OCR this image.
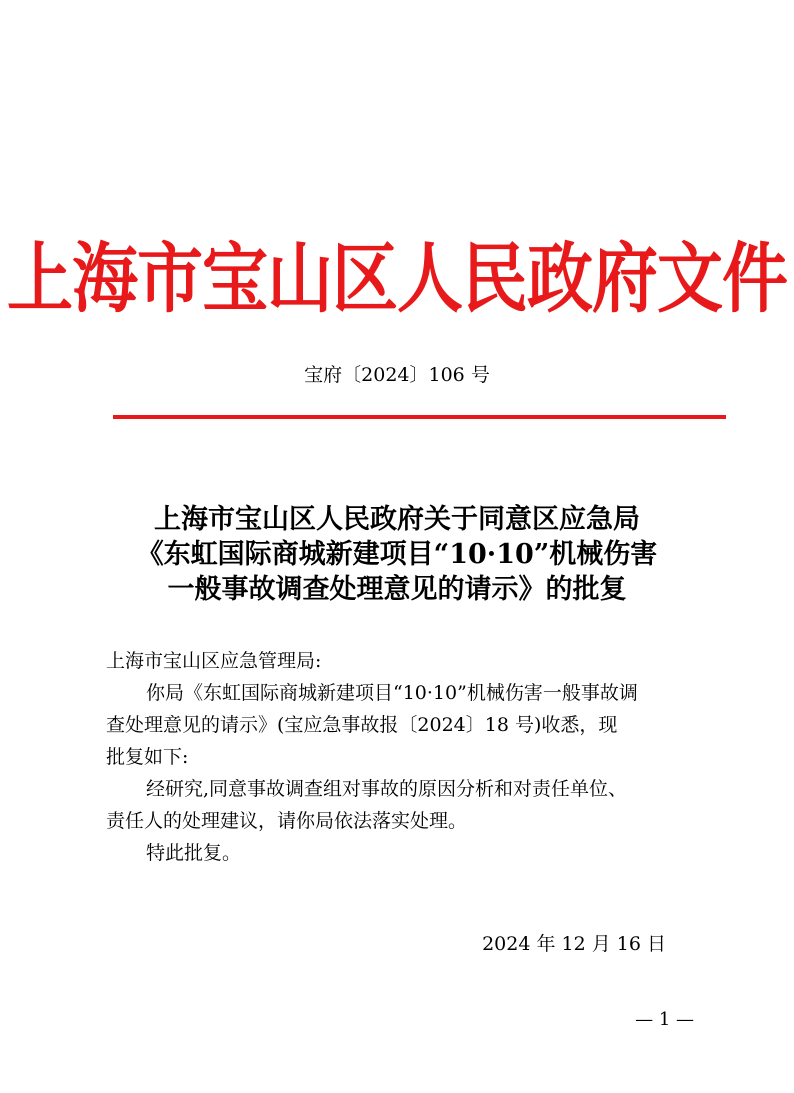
上海市宝山区人民政府文件
宝府〔2024〕106 号
上海市宝山区人民政府关于同意区应急局
《东虹国际商城新建项目“10·10”机械伤害
一般事故调查处理意见的请示》的批复

上海市宝山区应急管理局:

你局《东虹国际商城新建项目“10·10”机械伤害一般事故调

查处理意见的请示》(宝应急事故报〔2024〕18 号)收悉，现

批复如下:

经研究,同意事故调查组对事故的原因分析和对责任单位、

责任人的处理建议，请你局依法落实处理。

特此批复。

2024 年 12 月 16 日
— 1 —
